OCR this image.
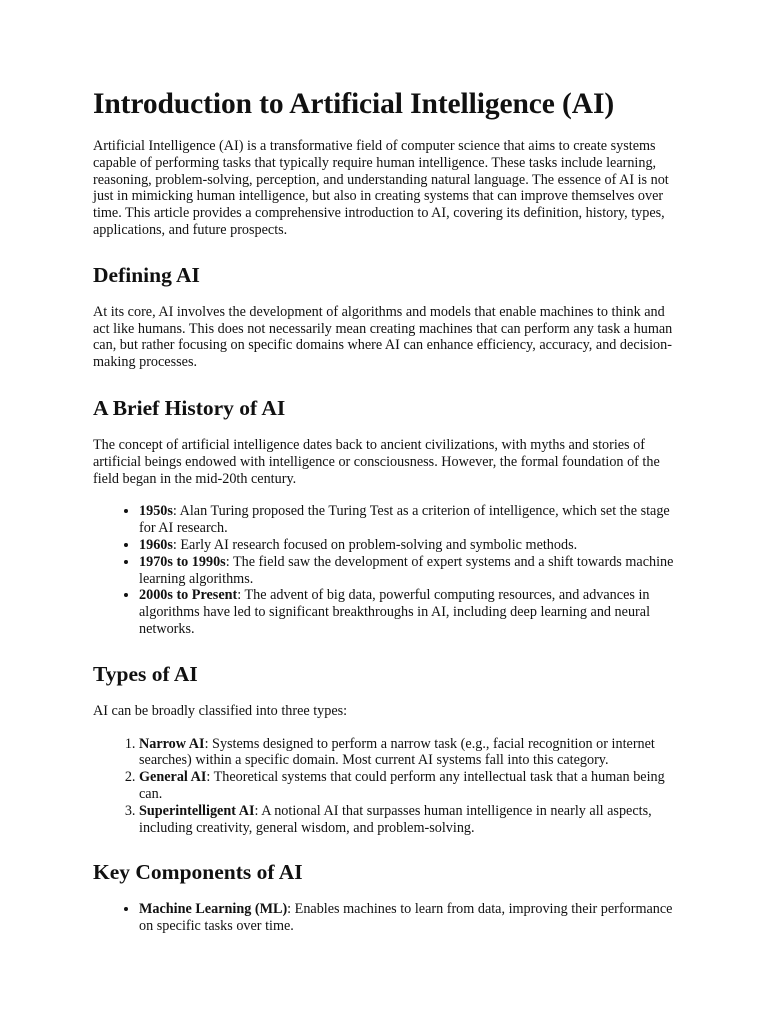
Introduction to Artificial Intelligence (AI)

Artificial Intelligence (AI) is a transformative field of computer science that aims to create systems capable of performing tasks that typically require human intelligence. These tasks include learning, reasoning, problem-solving, perception, and understanding natural language. The essence of AI is not just in mimicking human intelligence, but also in creating systems that can improve themselves over time. This article provides a comprehensive introduction to AI, covering its definition, history, types, applications, and future prospects.

Defining AI

At its core, AI involves the development of algorithms and models that enable machines to think and act like humans. This does not necessarily mean creating machines that can perform any task a human can, but rather focusing on specific domains where AI can enhance efficiency, accuracy, and decision-making processes.

A Brief History of AI

The concept of artificial intelligence dates back to ancient civilizations, with myths and stories of artificial beings endowed with intelligence or consciousness. However, the formal foundation of the field began in the mid-20th century.

• 1950s: Alan Turing proposed the Turing Test as a criterion of intelligence, which set the stage for AI research.
• 1960s: Early AI research focused on problem-solving and symbolic methods.
• 1970s to 1990s: The field saw the development of expert systems and a shift towards machine learning algorithms.
• 2000s to Present: The advent of big data, powerful computing resources, and advances in algorithms have led to significant breakthroughs in AI, including deep learning and neural networks.
Types of AI

AI can be broadly classified into three types:

1. Narrow AI: Systems designed to perform a narrow task (e.g., facial recognition or internet searches) within a specific domain. Most current AI systems fall into this category.
2. General AI: Theoretical systems that could perform any intellectual task that a human being can.
3. Superintelligent AI: A notional AI that surpasses human intelligence in nearly all aspects, including creativity, general wisdom, and problem-solving.
Key Components of AI
• Machine Learning (ML): Enables machines to learn from data, improving their performance on specific tasks over time.
